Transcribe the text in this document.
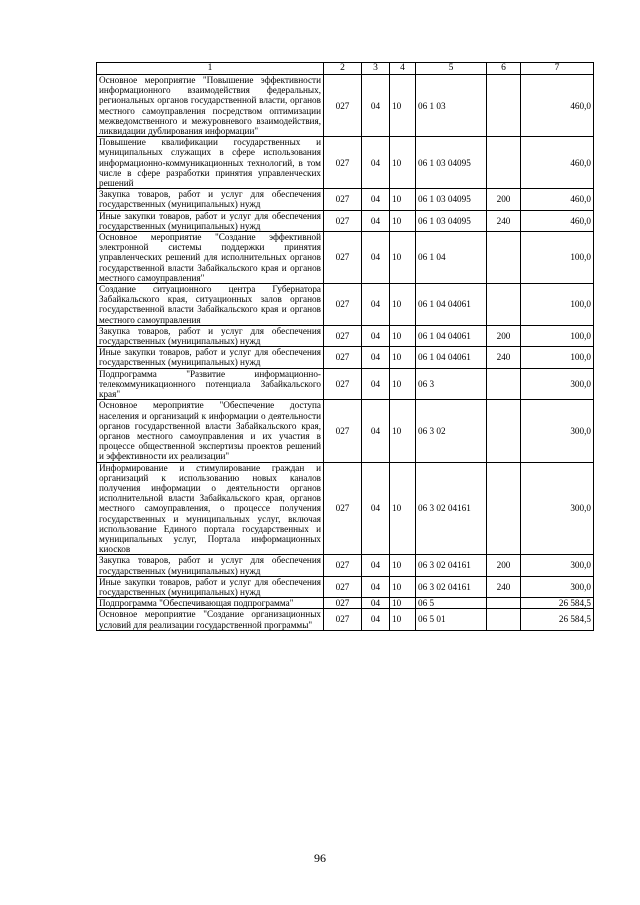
1	2	3	4	5	6	7
Основное мероприятие "Повышение эффективности информационного взаимодействия федеральных, региональных органов государственной власти, органов местного самоуправления посредством оптимизации межведомственного и межуровневого взаимодействия, ликвидации дублирования информации"	027	04	10	06 1 03		460,0
Повышение квалификации государственных и муниципальных служащих в сфере использования информационно-коммуникационных технологий, в том числе в сфере разработки принятия управленческих решений	027	04	10	06 1 03 04095		460,0
Закупка товаров, работ и услуг для обеспечения государственных (муниципальных) нужд	027	04	10	06 1 03 04095	200	460,0
Иные закупки товаров, работ и услуг для обеспечения государственных (муниципальных) нужд	027	04	10	06 1 03 04095	240	460,0
Основное мероприятие "Создание эффективной электронной системы поддержки принятия управленческих решений для исполнительных органов государственной власти Забайкальского края и органов местного самоуправления"	027	04	10	06 1 04		100,0
Создание ситуационного центра Губернатора Забайкальского края, ситуационных залов органов государственной власти Забайкальского края и органов местного самоуправления	027	04	10	06 1 04 04061		100,0
Закупка товаров, работ и услуг для обеспечения государственных (муниципальных) нужд	027	04	10	06 1 04 04061	200	100,0
Иные закупки товаров, работ и услуг для обеспечения государственных (муниципальных) нужд	027	04	10	06 1 04 04061	240	100,0
Подпрограмма "Развитие информационно-телекоммуникационного потенциала Забайкальского края"	027	04	10	06 3		300,0
Основное мероприятие "Обеспечение доступа населения и организаций к информации о деятельности органов государственной власти Забайкальского края, органов местного самоуправления и их участия в процессе общественной экспертизы проектов решений и эффективности их реализации"	027	04	10	06 3 02		300,0
Информирование и стимулирование граждан и организаций к использованию новых каналов получения информации о деятельности органов исполнительной власти Забайкальского края, органов местного самоуправления, о процессе получения государственных и муниципальных услуг, включая использование Единого портала государственных и муниципальных услуг, Портала информационных киосков	027	04	10	06 3 02 04161		300,0
Закупка товаров, работ и услуг для обеспечения государственных (муниципальных) нужд	027	04	10	06 3 02 04161	200	300,0
Иные закупки товаров, работ и услуг для обеспечения государственных (муниципальных) нужд	027	04	10	06 3 02 04161	240	300,0
Подпрограмма "Обеспечивающая подпрограмма"	027	04	10	06 5		26 584,5
Основное мероприятие "Создание организационных условий для реализации государственной программы"	027	04	10	06 5 01		26 584,5
96
